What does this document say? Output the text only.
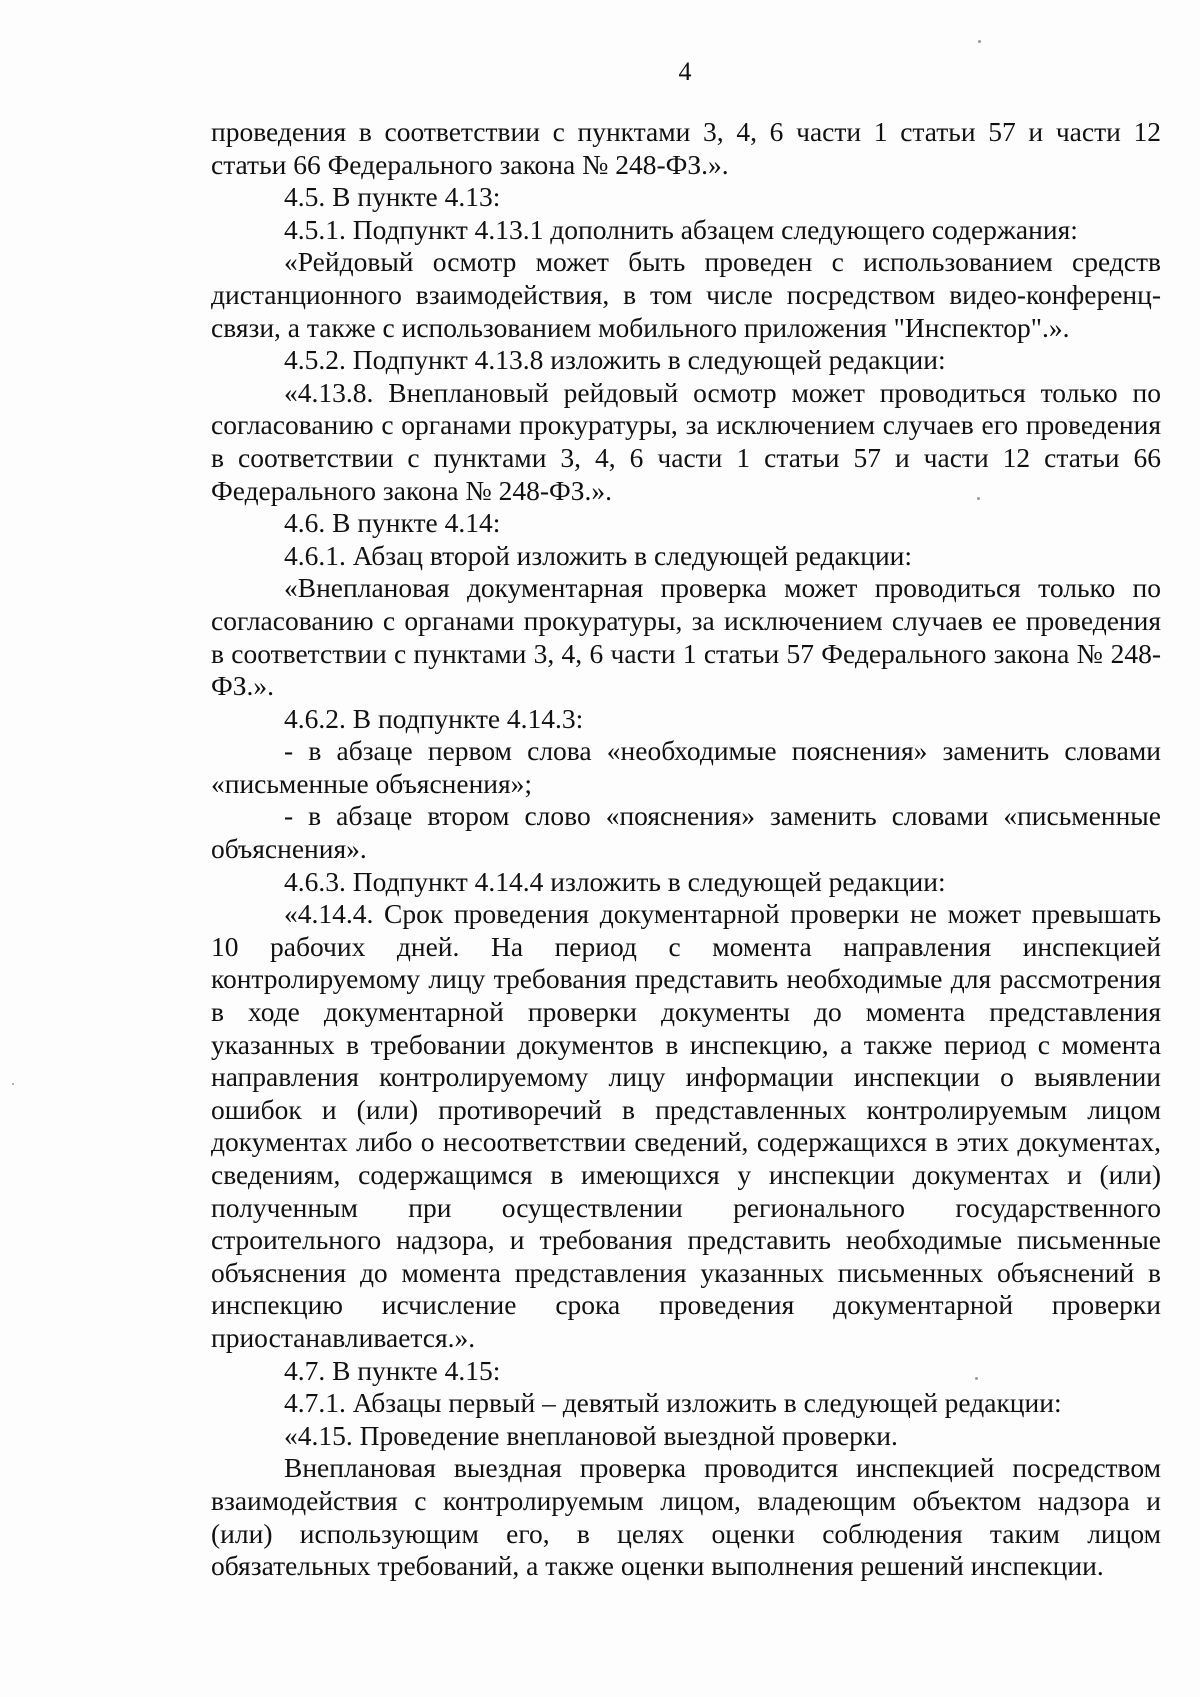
4

проведения в соответствии с пунктами 3, 4, 6 части 1 статьи 57 и части 12 статьи 66 Федерального закона № 248-ФЗ.».

4.5. В пункте 4.13:

4.5.1. Подпункт 4.13.1 дополнить абзацем следующего содержания:

«Рейдовый осмотр может быть проведен с использованием средств дистанционного взаимодействия, в том числе посредством видео-конференц-связи, а также с использованием мобильного приложения "Инспектор".».

4.5.2. Подпункт 4.13.8 изложить в следующей редакции:

«4.13.8. Внеплановый рейдовый осмотр может проводиться только по согласованию с органами прокуратуры, за исключением случаев его проведения в соответствии с пунктами 3, 4, 6 части 1 статьи 57 и части 12 статьи 66 Федерального закона № 248-ФЗ.».

4.6. В пункте 4.14:

4.6.1. Абзац второй изложить в следующей редакции:

«Внеплановая документарная проверка может проводиться только по согласованию с органами прокуратуры, за исключением случаев ее проведения в соответствии с пунктами 3, 4, 6 части 1 статьи 57 Федерального закона № 248-ФЗ.».

4.6.2. В подпункте 4.14.3:

- в абзаце первом слова «необходимые пояснения» заменить словами «письменные объяснения»;

- в абзаце втором слово «пояснения» заменить словами «письменные объяснения».

4.6.3. Подпункт 4.14.4 изложить в следующей редакции:

«4.14.4. Срок проведения документарной проверки не может превышать 10 рабочих дней. На период с момента направления инспекцией контролируемому лицу требования представить необходимые для рассмотрения в ходе документарной проверки документы до момента представления указанных в требовании документов в инспекцию, а также период с момента направления контролируемому лицу информации инспекции о выявлении ошибок и (или) противоречий в представленных контролируемым лицом документах либо о несоответствии сведений, содержащихся в этих документах, сведениям, содержащимся в имеющихся у инспекции документах и (или) полученным при осуществлении регионального государственного строительного надзора, и требования представить необходимые письменные объяснения до момента представления указанных письменных объяснений в инспекцию исчисление срока проведения документарной проверки приостанавливается.».

4.7. В пункте 4.15:

4.7.1. Абзацы первый – девятый изложить в следующей редакции:

«4.15. Проведение внеплановой выездной проверки.

Внеплановая выездная проверка проводится инспекцией посредством взаимодействия с контролируемым лицом, владеющим объектом надзора и (или) использующим его, в целях оценки соблюдения таким лицом обязательных требований, а также оценки выполнения решений инспекции.
